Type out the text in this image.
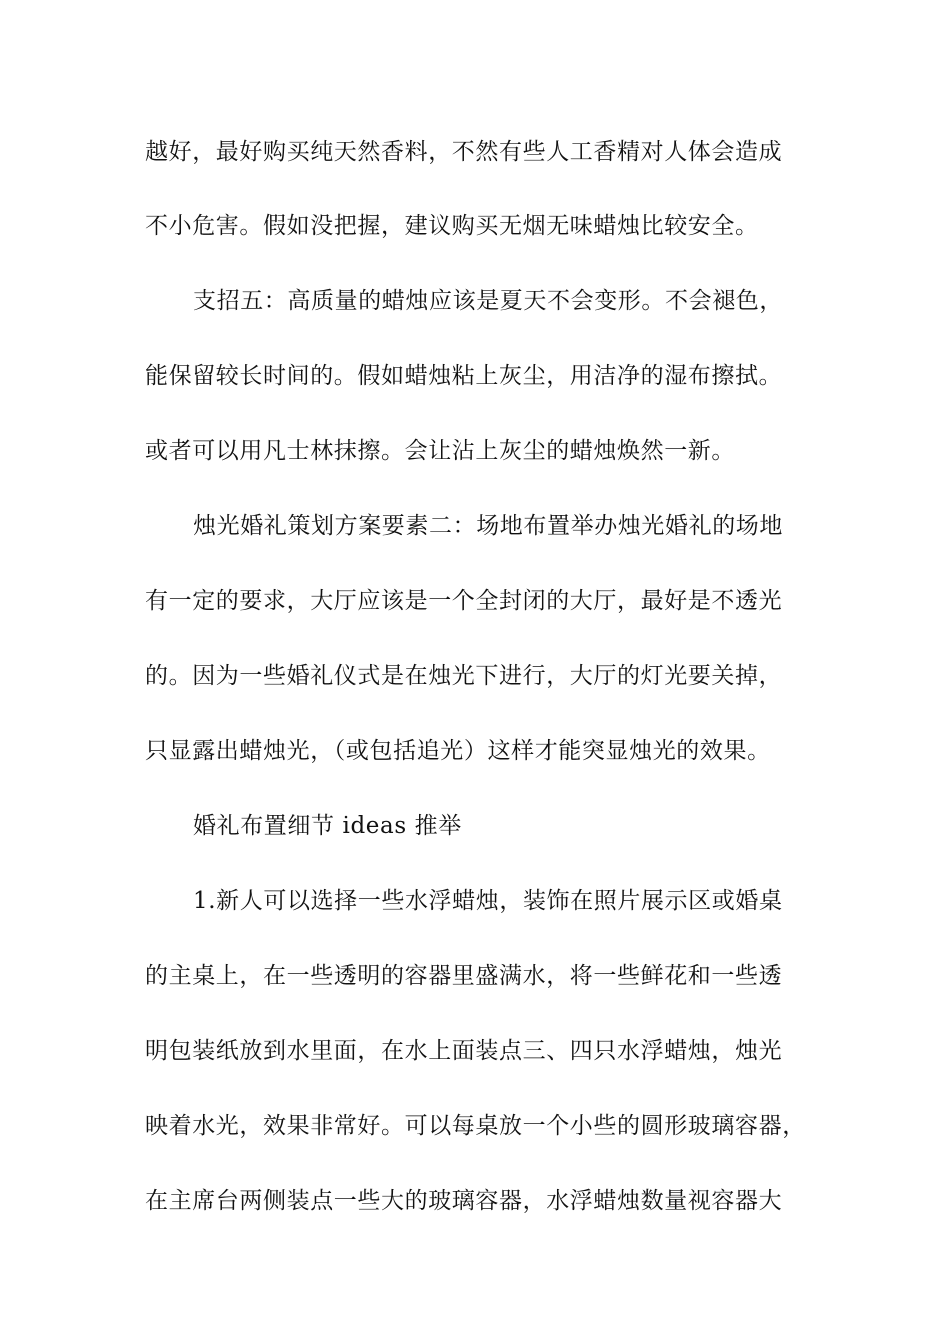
越好，最好购买纯天然香料，不然有些人工香精对人体会造成
不小危害。假如没把握，建议购买无烟无味蜡烛比较安全。
支招五：高质量的蜡烛应该是夏天不会变形。不会褪色，
能保留较长时间的。假如蜡烛粘上灰尘，用洁净的湿布擦拭。
或者可以用凡士林抹擦。会让沾上灰尘的蜡烛焕然一新。
烛光婚礼策划方案要素二：场地布置举办烛光婚礼的场地
有一定的要求，大厅应该是一个全封闭的大厅，最好是不透光
的。因为一些婚礼仪式是在烛光下进行，大厅的灯光要关掉，
只显露出蜡烛光，（或包括追光）这样才能突显烛光的效果。
婚礼布置细节 ideas 推举
1.新人可以选择一些水浮蜡烛，装饰在照片展示区或婚桌
的主桌上，在一些透明的容器里盛满水，将一些鲜花和一些透
明包装纸放到水里面，在水上面装点三、四只水浮蜡烛，烛光
映着水光，效果非常好。可以每桌放一个小些的圆形玻璃容器，
在主席台两侧装点一些大的玻璃容器，水浮蜡烛数量视容器大
